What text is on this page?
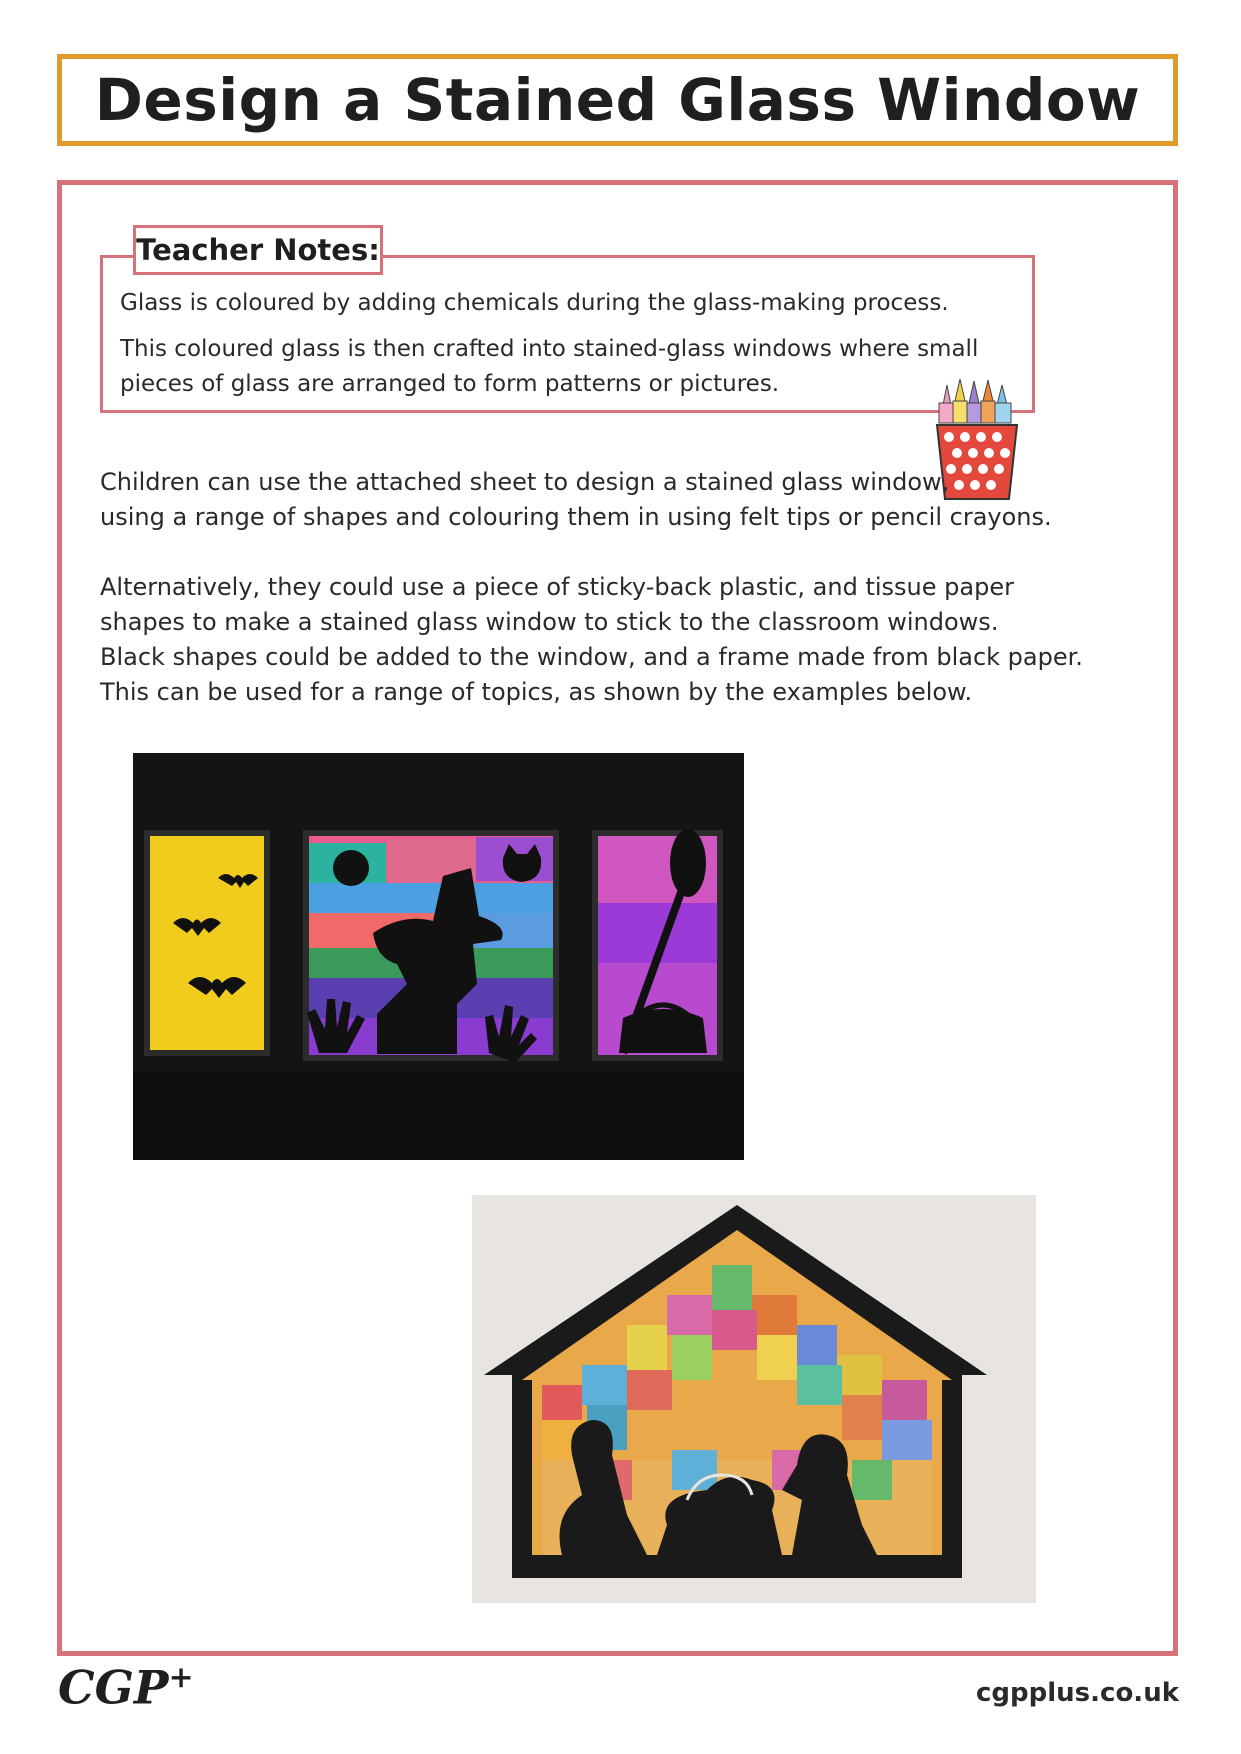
Design a Stained Glass Window
Teacher Notes:
Glass is coloured by adding chemicals during the glass-making process.
This coloured glass is then crafted into stained-glass windows where small
pieces of glass are arranged to form patterns or pictures.

Children can use the attached sheet to design a stained glass window,

using a range of shapes and colouring them in using felt tips or pencil crayons.

Alternatively, they could use a piece of sticky-back plastic, and tissue paper

shapes to make a stained glass window to stick to the classroom windows.

Black shapes could be added to the window, and a frame made from black paper.

This can be used for a range of topics, as shown by the examples below.

CGP+	cgpplus.co.uk
